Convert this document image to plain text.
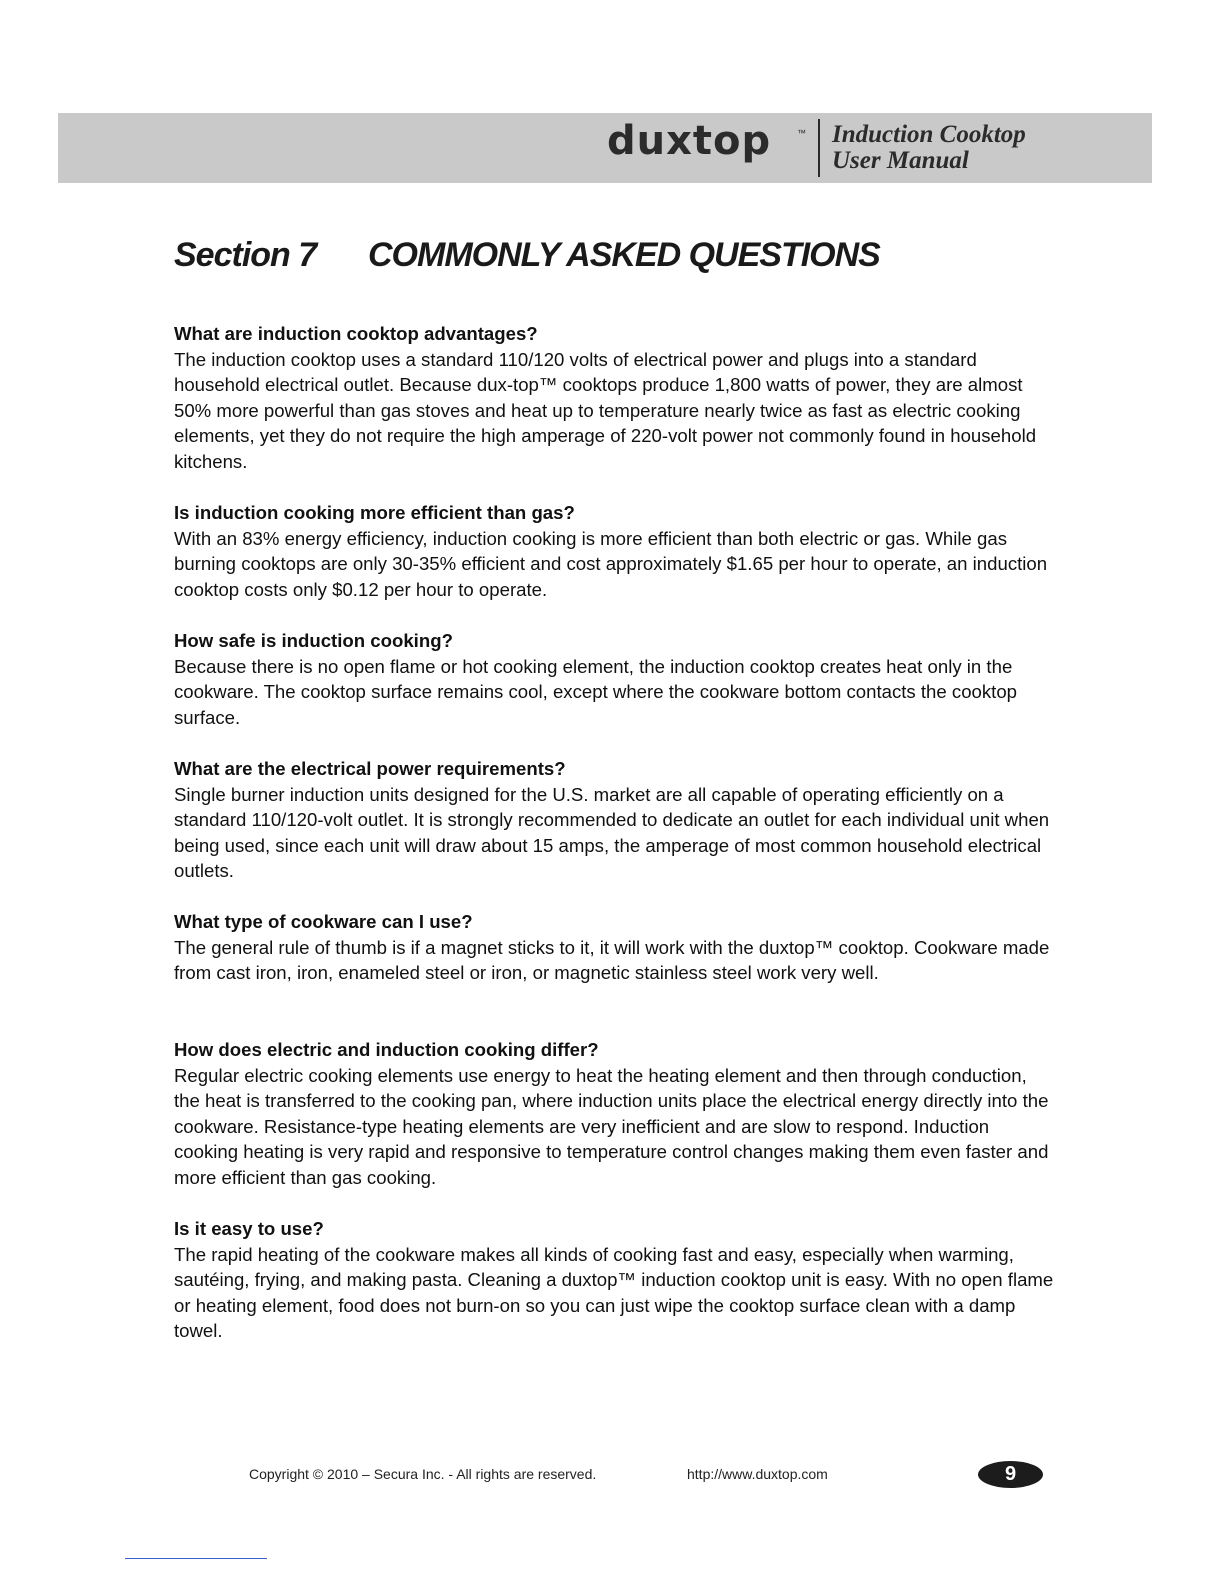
duxtop	™ Induction Cooktop
User Manual
Section 7 COMMONLY ASKED QUESTIONS
What are induction cooktop advantages?

The induction cooktop uses a standard 110/120 volts of electrical power and plugs into a standard household electrical outlet. Because dux-top™ cooktops produce 1,800 watts of power, they are almost 50% more powerful than gas stoves and heat up to temperature nearly twice as fast as electric cooking elements, yet they do not require the high amperage of 220-volt power not commonly found in household kitchens.

Is induction cooking more efficient than gas?

With an 83% energy efficiency, induction cooking is more efficient than both electric or gas. While gas burning cooktops are only 30-35% efficient and cost approximately $1.65 per hour to operate, an induction cooktop costs only $0.12 per hour to operate.

How safe is induction cooking?

Because there is no open flame or hot cooking element, the induction cooktop creates heat only in the cookware. The cooktop surface remains cool, except where the cookware bottom contacts the cooktop surface.

What are the electrical power requirements?

Single burner induction units designed for the U.S. market are all capable of operating efficiently on a standard 110/120-volt outlet. It is strongly recommended to dedicate an outlet for each individual unit when being used, since each unit will draw about 15 amps, the amperage of most common household electrical outlets.

What type of cookware can I use?

The general rule of thumb is if a magnet sticks to it, it will work with the duxtop™ cooktop. Cookware made from cast iron, iron, enameled steel or iron, or magnetic stainless steel work very well.

How does electric and induction cooking differ?

Regular electric cooking elements use energy to heat the heating element and then through conduction, the heat is transferred to the cooking pan, where induction units place the electrical energy directly into the cookware. Resistance-type heating elements are very inefficient and are slow to respond. Induction cooking heating is very rapid and responsive to temperature control changes making them even faster and more efficient than gas cooking.

Is it easy to use?

The rapid heating of the cookware makes all kinds of cooking fast and easy, especially when warming, sautéing, frying, and making pasta. Cleaning a duxtop™ induction cooktop unit is easy. With no open flame or heating element, food does not burn-on so you can just wipe the cooktop surface clean with a damp towel.

Copyright © 2010 – Secura Inc. - All rights are reserved.	http://www.duxtop.com	9
